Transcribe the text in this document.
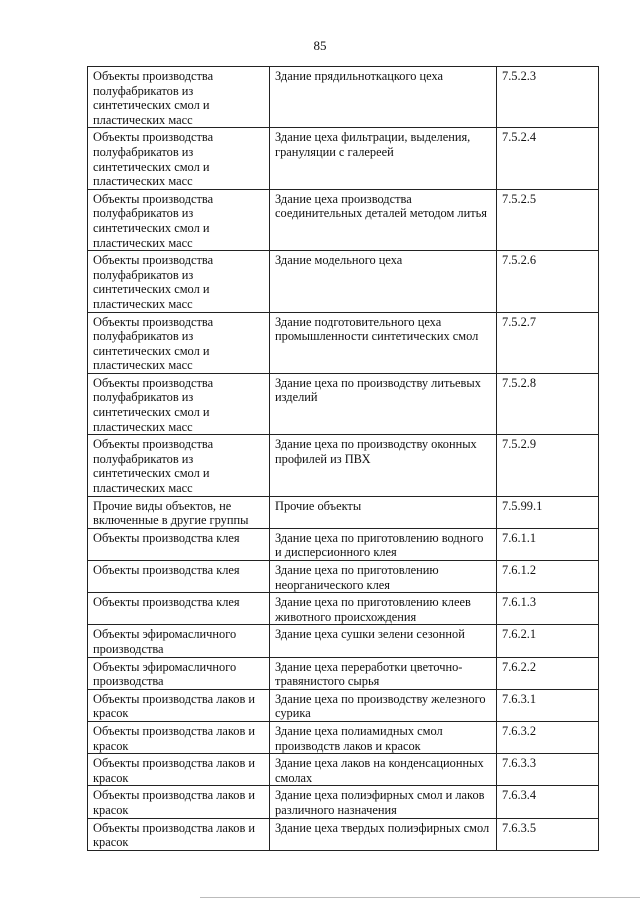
85
Объекты производства полуфабрикатов из синтетических смол и пластических масс	Здание прядильноткацкого цеха	7.5.2.3
Объекты производства полуфабрикатов из синтетических смол и пластических масс	Здание цеха фильтрации, выделения, грануляции с галереей	7.5.2.4
Объекты производства полуфабрикатов из синтетических смол и пластических масс	Здание цеха производства соединительных деталей методом литья	7.5.2.5
Объекты производства полуфабрикатов из синтетических смол и пластических масс	Здание модельного цеха	7.5.2.6
Объекты производства полуфабрикатов из синтетических смол и пластических масс	Здание подготовительного цеха промышленности синтетических смол	7.5.2.7
Объекты производства полуфабрикатов из синтетических смол и пластических масс	Здание цеха по производству литьевых изделий	7.5.2.8
Объекты производства полуфабрикатов из синтетических смол и пластических масс	Здание цеха по производству оконных профилей из ПВХ	7.5.2.9
Прочие виды объектов, не включенные в другие группы	Прочие объекты	7.5.99.1
Объекты производства клея	Здание цеха по приготовлению водного и дисперсионного клея	7.6.1.1
Объекты производства клея	Здание цеха по приготовлению неорганического клея	7.6.1.2
Объекты производства клея	Здание цеха по приготовлению клеев животного происхождения	7.6.1.3
Объекты эфиромасличного производства	Здание цеха сушки зелени сезонной	7.6.2.1
Объекты эфиромасличного производства	Здание цеха переработки цветочно-травянистого сырья	7.6.2.2
Объекты производства лаков и красок	Здание цеха по производству железного сурика	7.6.3.1
Объекты производства лаков и красок	Здание цеха полиамидных смол производств лаков и красок	7.6.3.2
Объекты производства лаков и красок	Здание цеха лаков на конденсационных смолах	7.6.3.3
Объекты производства лаков и красок	Здание цеха полиэфирных смол и лаков различного назначения	7.6.3.4
Объекты производства лаков и красок	Здание цеха твердых полиэфирных смол	7.6.3.5
